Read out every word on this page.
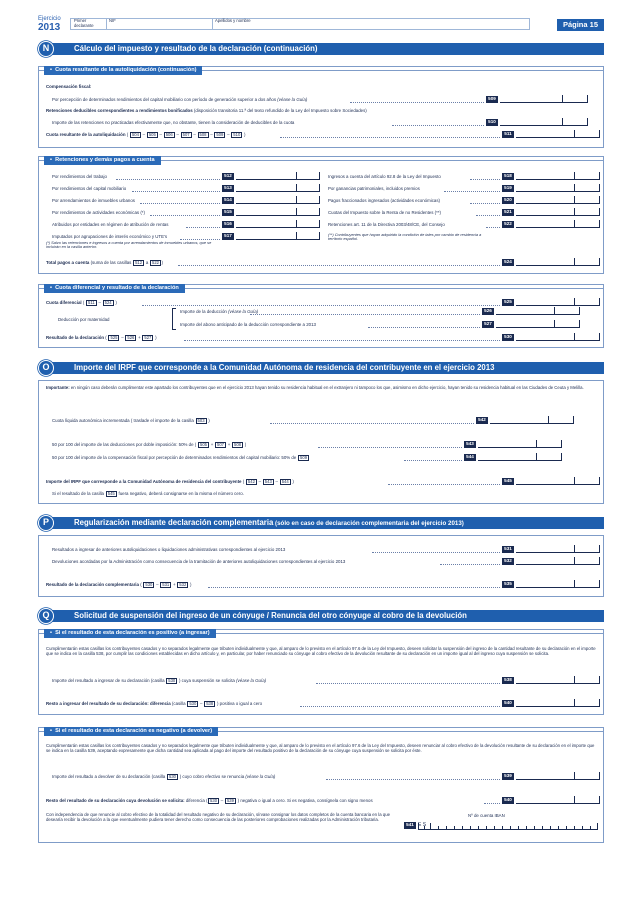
Ejercicio
2013
Primer
declarante
NIF	Apellidos y nombre	Página 15
Cálculo del impuesto y resultado de la declaración (continuación)
N
•  Cuota resultante de la autoliquidación (continuación)
Compensación fiscal:
Por percepción de determinados rendimientos del capital mobiliario con período de generación superior a dos años (véase la Guía)	509
Retenciones deducibles correspondientes a rendimientos bonificados (disposición transitoria 11.ª del texto refundido de la Ley del Impuesto sobre Sociedades)
Importe de las retenciones no practicadas efectivamente que, no obstante, tienen la consideración de deducibles de la cuota	510
Cuota resultante de la autoliquidación ( 504 – 505 – 506 – 507 – 508 – 509 – 510 )	511
•  Retenciones y demás pagos a cuenta
Por rendimientos del trabajo	512
Por rendimientos del capital mobiliario	513
Por arrendamientos de inmuebles urbanos	514
Por rendimientos de actividades económicas (*)	515
Atribuidos por entidades en régimen de atribución de rentas	516
Imputados por agrupaciones de interés económico y UTE's	517
(*) Salvo las retenciones e ingresos a cuenta por arrendamientos de inmuebles urbanos, que se incluirán en la casilla anterior.
Ingresos a cuenta del artículo 92.8 de la Ley del Impuesto	518
Por ganancias patrimoniales, incluidos premios	519
Pagos fraccionados ingresados (actividades económicas)	520
Cuotas del Impuesto sobre la Renta de no Residentes (**)	521
Retenciones art. 11 de la Directiva 2003/48/CE, del Consejo	522
(**) Contribuyentes que hayan adquirido la condición de tales por cambio de residencia a territorio español.
Total pagos a cuenta (suma de las casillas 512 a 522 )	524
•  Cuota diferencial y resultado de la declaración
Cuota diferencial ( 511 – 524 )	525
Deducción por maternidad
Importe de la deducción (véase la Guía)	526
Importe del abono anticipado de la deducción correspondiente a 2013	527
Resultado de la declaración ( 525 – 526 + 527 )	530
Importe del IRPF que corresponde a la Comunidad Autónoma de residencia del contribuyente en el ejercicio 2013
O
Importante: en ningún caso deberán cumplimentar este apartado los contribuyentes que en el ejercicio 2013 hayan tenido su residencia habitual en el extranjero ni tampoco los que, asimismo en dicho ejercicio, hayan tenido su residencia habitual en las Ciudades de Ceuta y Melilla.
Cuota líquida autonómica incrementada ( traslade el importe de la casilla 503 )	542
50 por 100 del importe de las deducciones por doble imposición: 50% de ( 505 + 507 + 508 )	543
50 por 100 del importe de la compensación fiscal por percepción de determinados rendimientos del capital mobiliario: 50% de 509	544
Importe del IRPF que corresponde a la Comunidad Autónoma de residencia del contribuyente ( 542 – 543 – 544 )	545
Si el resultado de la casilla 545 fuera negativo, deberá consignarse en la misma el número cero.
Regularización mediante declaración complementaria (sólo en caso de declaración complementaria del ejercicio 2013)
P
Resultados a ingresar de anteriores autoliquidaciones o liquidaciones administrativas correspondientes al ejercicio 2013	531
Devoluciones acordadas por la Administración como consecuencia de la tramitación de anteriores autoliquidaciones correspondientes al ejercicio 2013	532
Resultado de la declaración complementaria ( 530 – 531 + 532 )	535
Solicitud de suspensión del ingreso de un cónyuge / Renuncia del otro cónyuge al cobro de la devolución
Q
•  Si el resultado de esta declaración es positivo (a ingresar)
Cumplimentarán estas casillas los contribuyentes casados y no separados legalmente que tributen individualmente y que, al amparo de lo previsto en el artículo 97.6 de la Ley del Impuesto, deseen solicitar la suspensión del ingreso de la cantidad resultante de su declaración en el importe que se indica en la casilla 538, por cumplir las condiciones establecidas en dicho artículo y, en particular, por haber renunciado su cónyuge al cobro efectivo de la devolución resultante de su declaración en un importe igual al del ingreso cuya suspensión se solicita.
Importe del resultado a ingresar de su declaración (casilla 530 ) cuya suspensión se solicita (véase la Guía)	538
Resto a ingresar del resultado de su declaración: diferencia (casilla 530 – 538 ) positiva o igual a cero	540
•  Si el resultado de esta declaración es negativo (a devolver)
Cumplimentarán estas casillas los contribuyentes casados y no separados legalmente que tributen individualmente y que, al amparo de lo previsto en el artículo 97.6 de la Ley del Impuesto, deseen renunciar al cobro efectivo de la devolución resultante de su declaración en el importe que se indica en la casilla 539, aceptando expresamente que dicha cantidad sea aplicada al pago del importe del resultado positivo de la declaración de su cónyuge cuya suspensión se solicita por éste.
Importe del resultado a devolver de su declaración (casilla 530 ) cuyo cobro efectivo se renuncia (véase la Guía)	539
Resto del resultado de su declaración cuya devolución se solicita: diferencia ( 530 – 539 ) negativa o igual a cero. Si es negativa, consígnela con signo menos	540
Con independencia de que renuncie al cobro efectivo de la totalidad del resultado negativo de su declaración, sírvase consignar los datos completos de la cuenta bancaria en la que desearía recibir la devolución a la que eventualmente pudiera tener derecho como consecuencia de las posteriores comprobaciones realizadas por la Administración tributaria.
Nº de cuenta IBAN
541 E S
